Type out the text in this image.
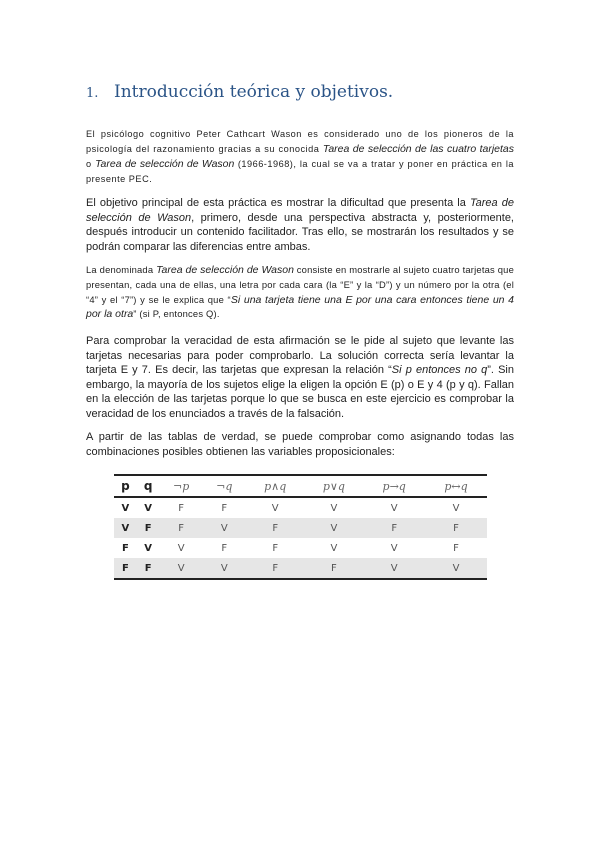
1. Introducción teórica y objetivos.
El psicólogo cognitivo Peter Cathcart Wason es considerado uno de los pioneros de la psicología del razonamiento gracias a su conocida Tarea de selección de las cuatro tarjetas o Tarea de selección de Wason (1966-1968), la cual se va a tratar y poner en práctica en la presente PEC.
El objetivo principal de esta práctica es mostrar la dificultad que presenta la Tarea de selección de Wason, primero, desde una perspectiva abstracta y, posteriormente, después introducir un contenido facilitador. Tras ello, se mostrarán los resultados y se podrán comparar las diferencias entre ambas.
La denominada Tarea de selección de Wason consiste en mostrarle al sujeto cuatro tarjetas que presentan, cada una de ellas, una letra por cada cara (la “E” y la “D”) y un número por la otra (el “4” y el “7”) y se le explica que “Si una tarjeta tiene una E por una cara entonces tiene un 4 por la otra” (si P, entonces Q).
Para comprobar la veracidad de esta afirmación se le pide al sujeto que levante las tarjetas necesarias para poder comprobarlo. La solución correcta sería levantar la tarjeta E y 7. Es decir, las tarjetas que expresan la relación “Si p entonces no q”. Sin embargo, la mayoría de los sujetos elige la eligen la opción E (p) o E y 4 (p y q). Fallan en la elección de las tarjetas porque lo que se busca en este ejercicio es comprobar la veracidad de los enunciados a través de la falsación.
A partir de las tablas de verdad, se puede comprobar como asignando todas las combinaciones posibles obtienen las variables proposicionales:
p	q	¬p	¬q	p∧q	p∨q	p→q	p↔q
V	V	F	F	V	V	V	V
V	F	F	V	F	V	F	F
F	V	V	F	F	V	V	F
F	F	V	V	F	F	V	V
